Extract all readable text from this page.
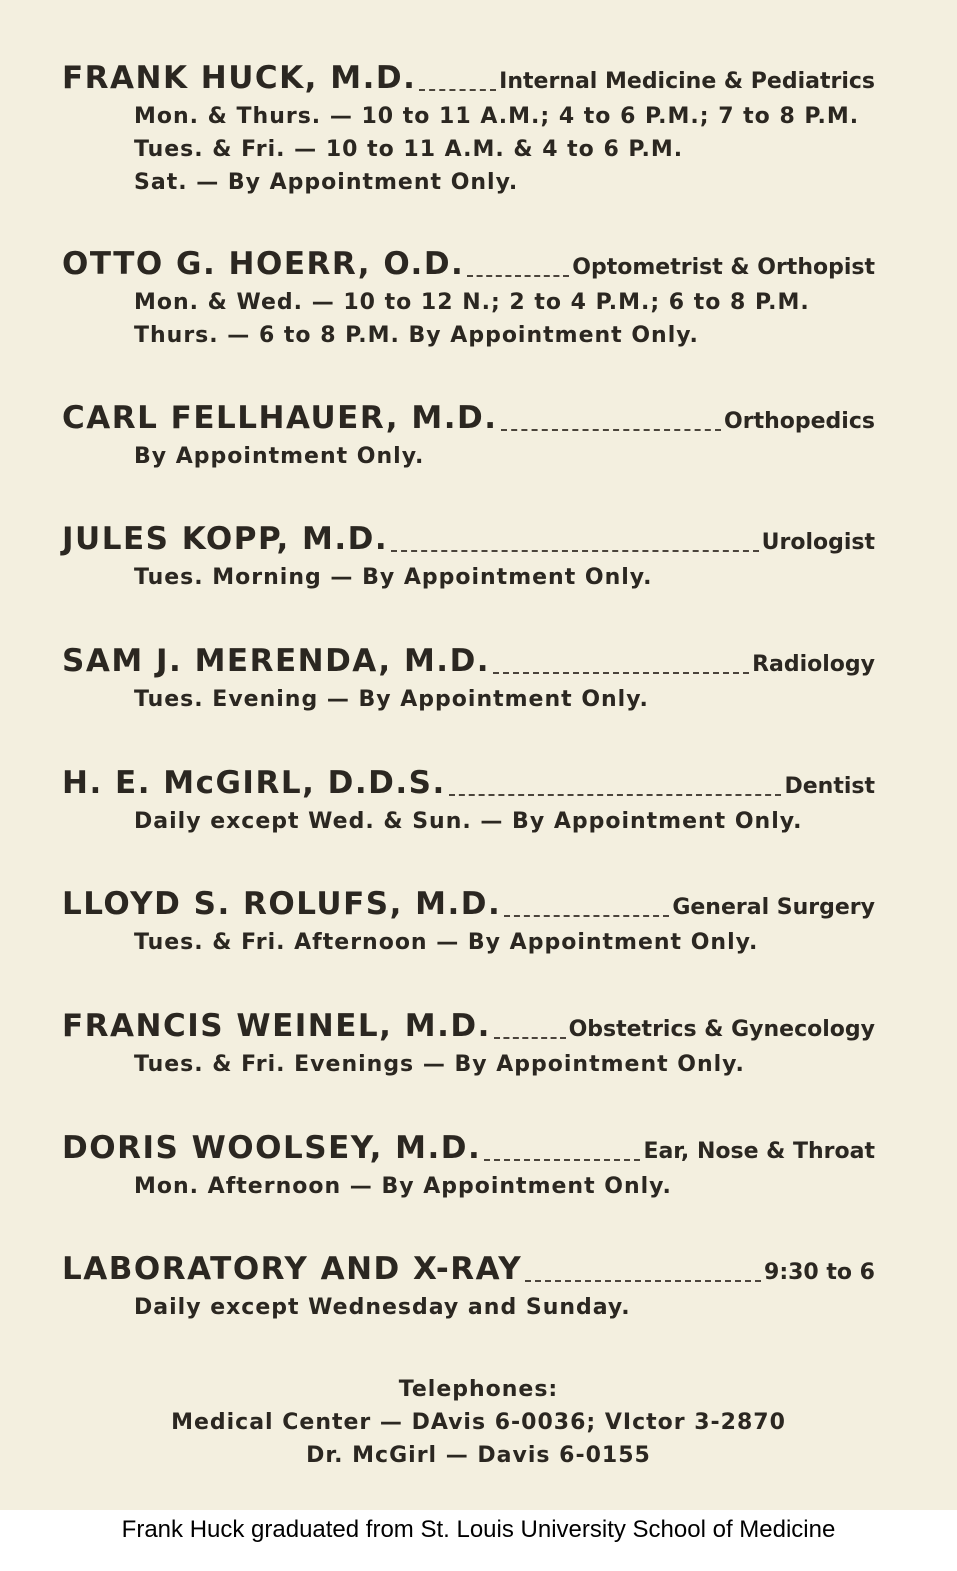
FRANK HUCK, M.D.	Internal Medicine & Pediatrics
Mon. & Thurs. — 10 to 11 A.M.; 4 to 6 P.M.; 7 to 8 P.M.
Tues. & Fri. — 10 to 11 A.M. & 4 to 6 P.M.
Sat. — By Appointment Only.
OTTO G. HOERR, O.D.	Optometrist & Orthopist
Mon. & Wed. — 10 to 12 N.; 2 to 4 P.M.; 6 to 8 P.M.
Thurs. — 6 to 8 P.M. By Appointment Only.
CARL FELLHAUER, M.D.	Orthopedics
By Appointment Only.
JULES KOPP, M.D.	Urologist
Tues. Morning — By Appointment Only.
SAM J. MERENDA, M.D.	Radiology
Tues. Evening — By Appointment Only.
H. E. McGIRL, D.D.S.	Dentist
Daily except Wed. & Sun. — By Appointment Only.
LLOYD S. ROLUFS, M.D.	General Surgery
Tues. & Fri. Afternoon — By Appointment Only.
FRANCIS WEINEL, M.D.	Obstetrics & Gynecology
Tues. & Fri. Evenings — By Appointment Only.
DORIS WOOLSEY, M.D.	Ear, Nose & Throat
Mon. Afternoon — By Appointment Only.
LABORATORY AND X-RAY	9:30 to 6
Daily except Wednesday and Sunday.
Telephones:
Medical Center — DAvis 6-0036; VIctor 3-2870
Dr. McGirl — Davis 6-0155
Frank Huck graduated from St. Louis University School of Medicine
